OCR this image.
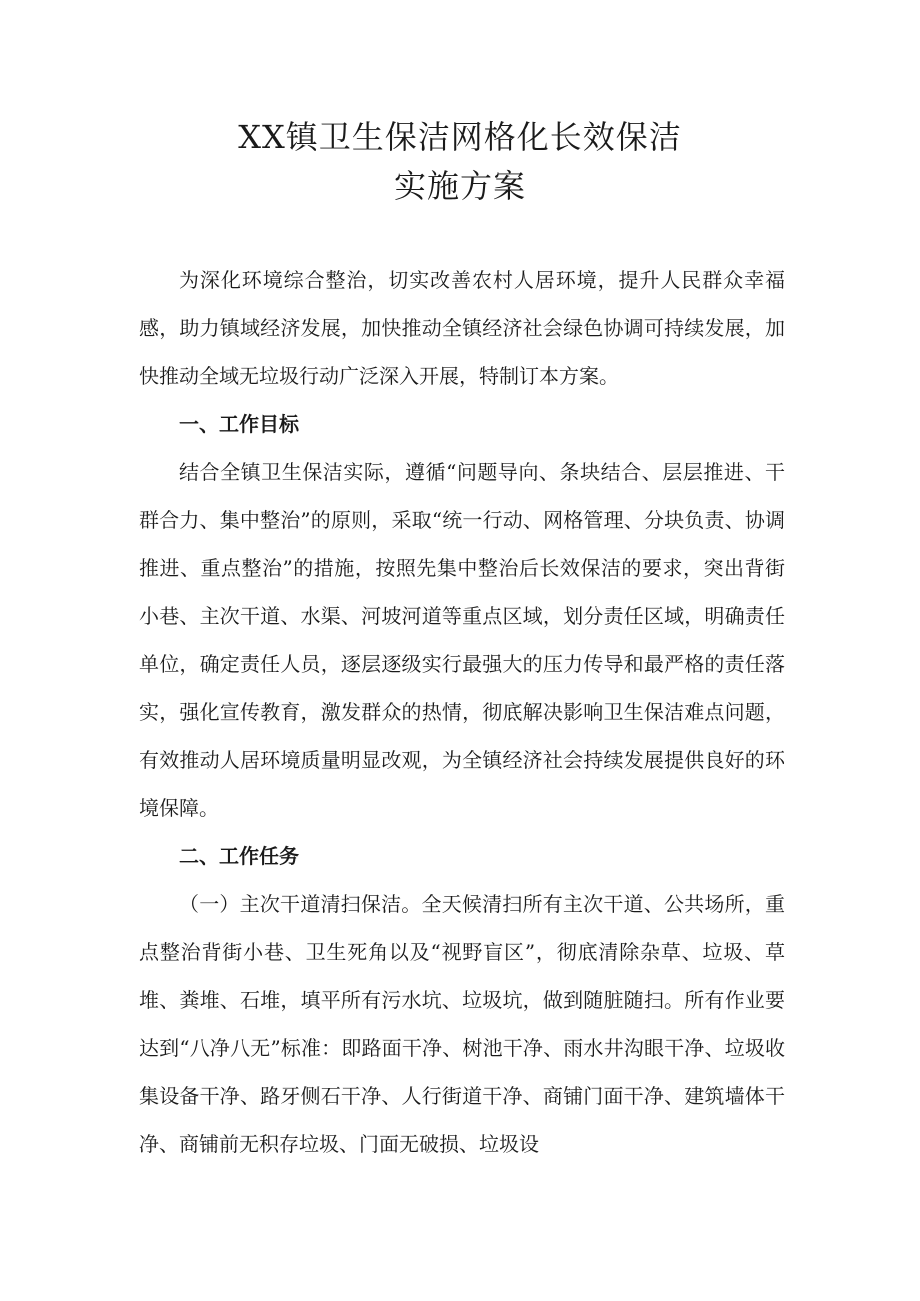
XX镇卫生保洁网格化长效保洁
实施方案

为深化环境综合整治，切实改善农村人居环境，提升人民群众幸福感，助力镇域经济发展，加快推动全镇经济社会绿色协调可持续发展，加快推动全域无垃圾行动广泛深入开展，特制订本方案。

一、工作目标

结合全镇卫生保洁实际，遵循“问题导向、条块结合、层层推进、干群合力、集中整治”的原则，采取“统一行动、网格管理、分块负责、协调推进、重点整治”的措施，按照先集中整治后长效保洁的要求，突出背街小巷、主次干道、水渠、河坡河道等重点区域，划分责任区域，明确责任单位，确定责任人员，逐层逐级实行最强大的压力传导和最严格的责任落实，强化宣传教育，激发群众的热情，彻底解决影响卫生保洁难点问题，有效推动人居环境质量明显改观，为全镇经济社会持续发展提供良好的环境保障。

二、工作任务

（一）主次干道清扫保洁。全天候清扫所有主次干道、公共场所，重点整治背街小巷、卫生死角以及“视野盲区”，彻底清除杂草、垃圾、草堆、粪堆、石堆，填平所有污水坑、垃圾坑，做到随脏随扫。所有作业要达到“八净八无”标准：即路面干净、树池干净、雨水井沟眼干净、垃圾收集设备干净、路牙侧石干净、人行街道干净、商铺门面干净、建筑墙体干净、商铺前无积存垃圾、门面无破损、垃圾设
